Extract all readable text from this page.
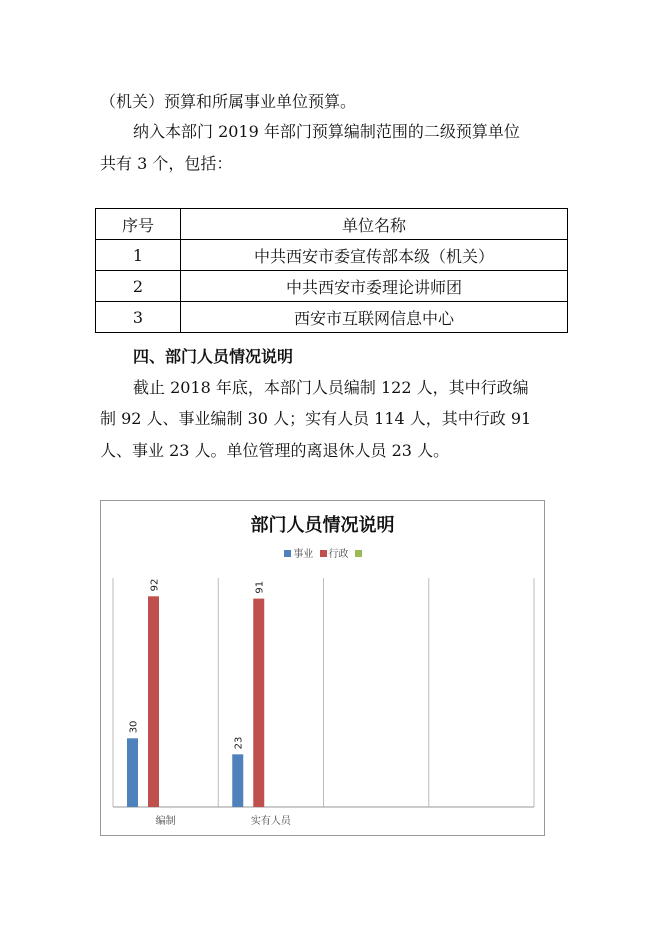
（机关）预算和所属事业单位预算。
纳入本部门 2019 年部门预算编制范围的二级预算单位
共有 3 个，包括：
序号	单位名称
1	中共西安市委宣传部本级（机关）
2	中共西安市委理论讲师团
3	西安市互联网信息中心
四、部门人员情况说明
截止 2018 年底，本部门人员编制 122 人，其中行政编
制 92 人、事业编制 30 人；实有人员 114 人，其中行政 91
人、事业 23 人。单位管理的离退休人员 23 人。
部门人员情况说明
事业 行政
编制
30
92
实有人员
23
91
